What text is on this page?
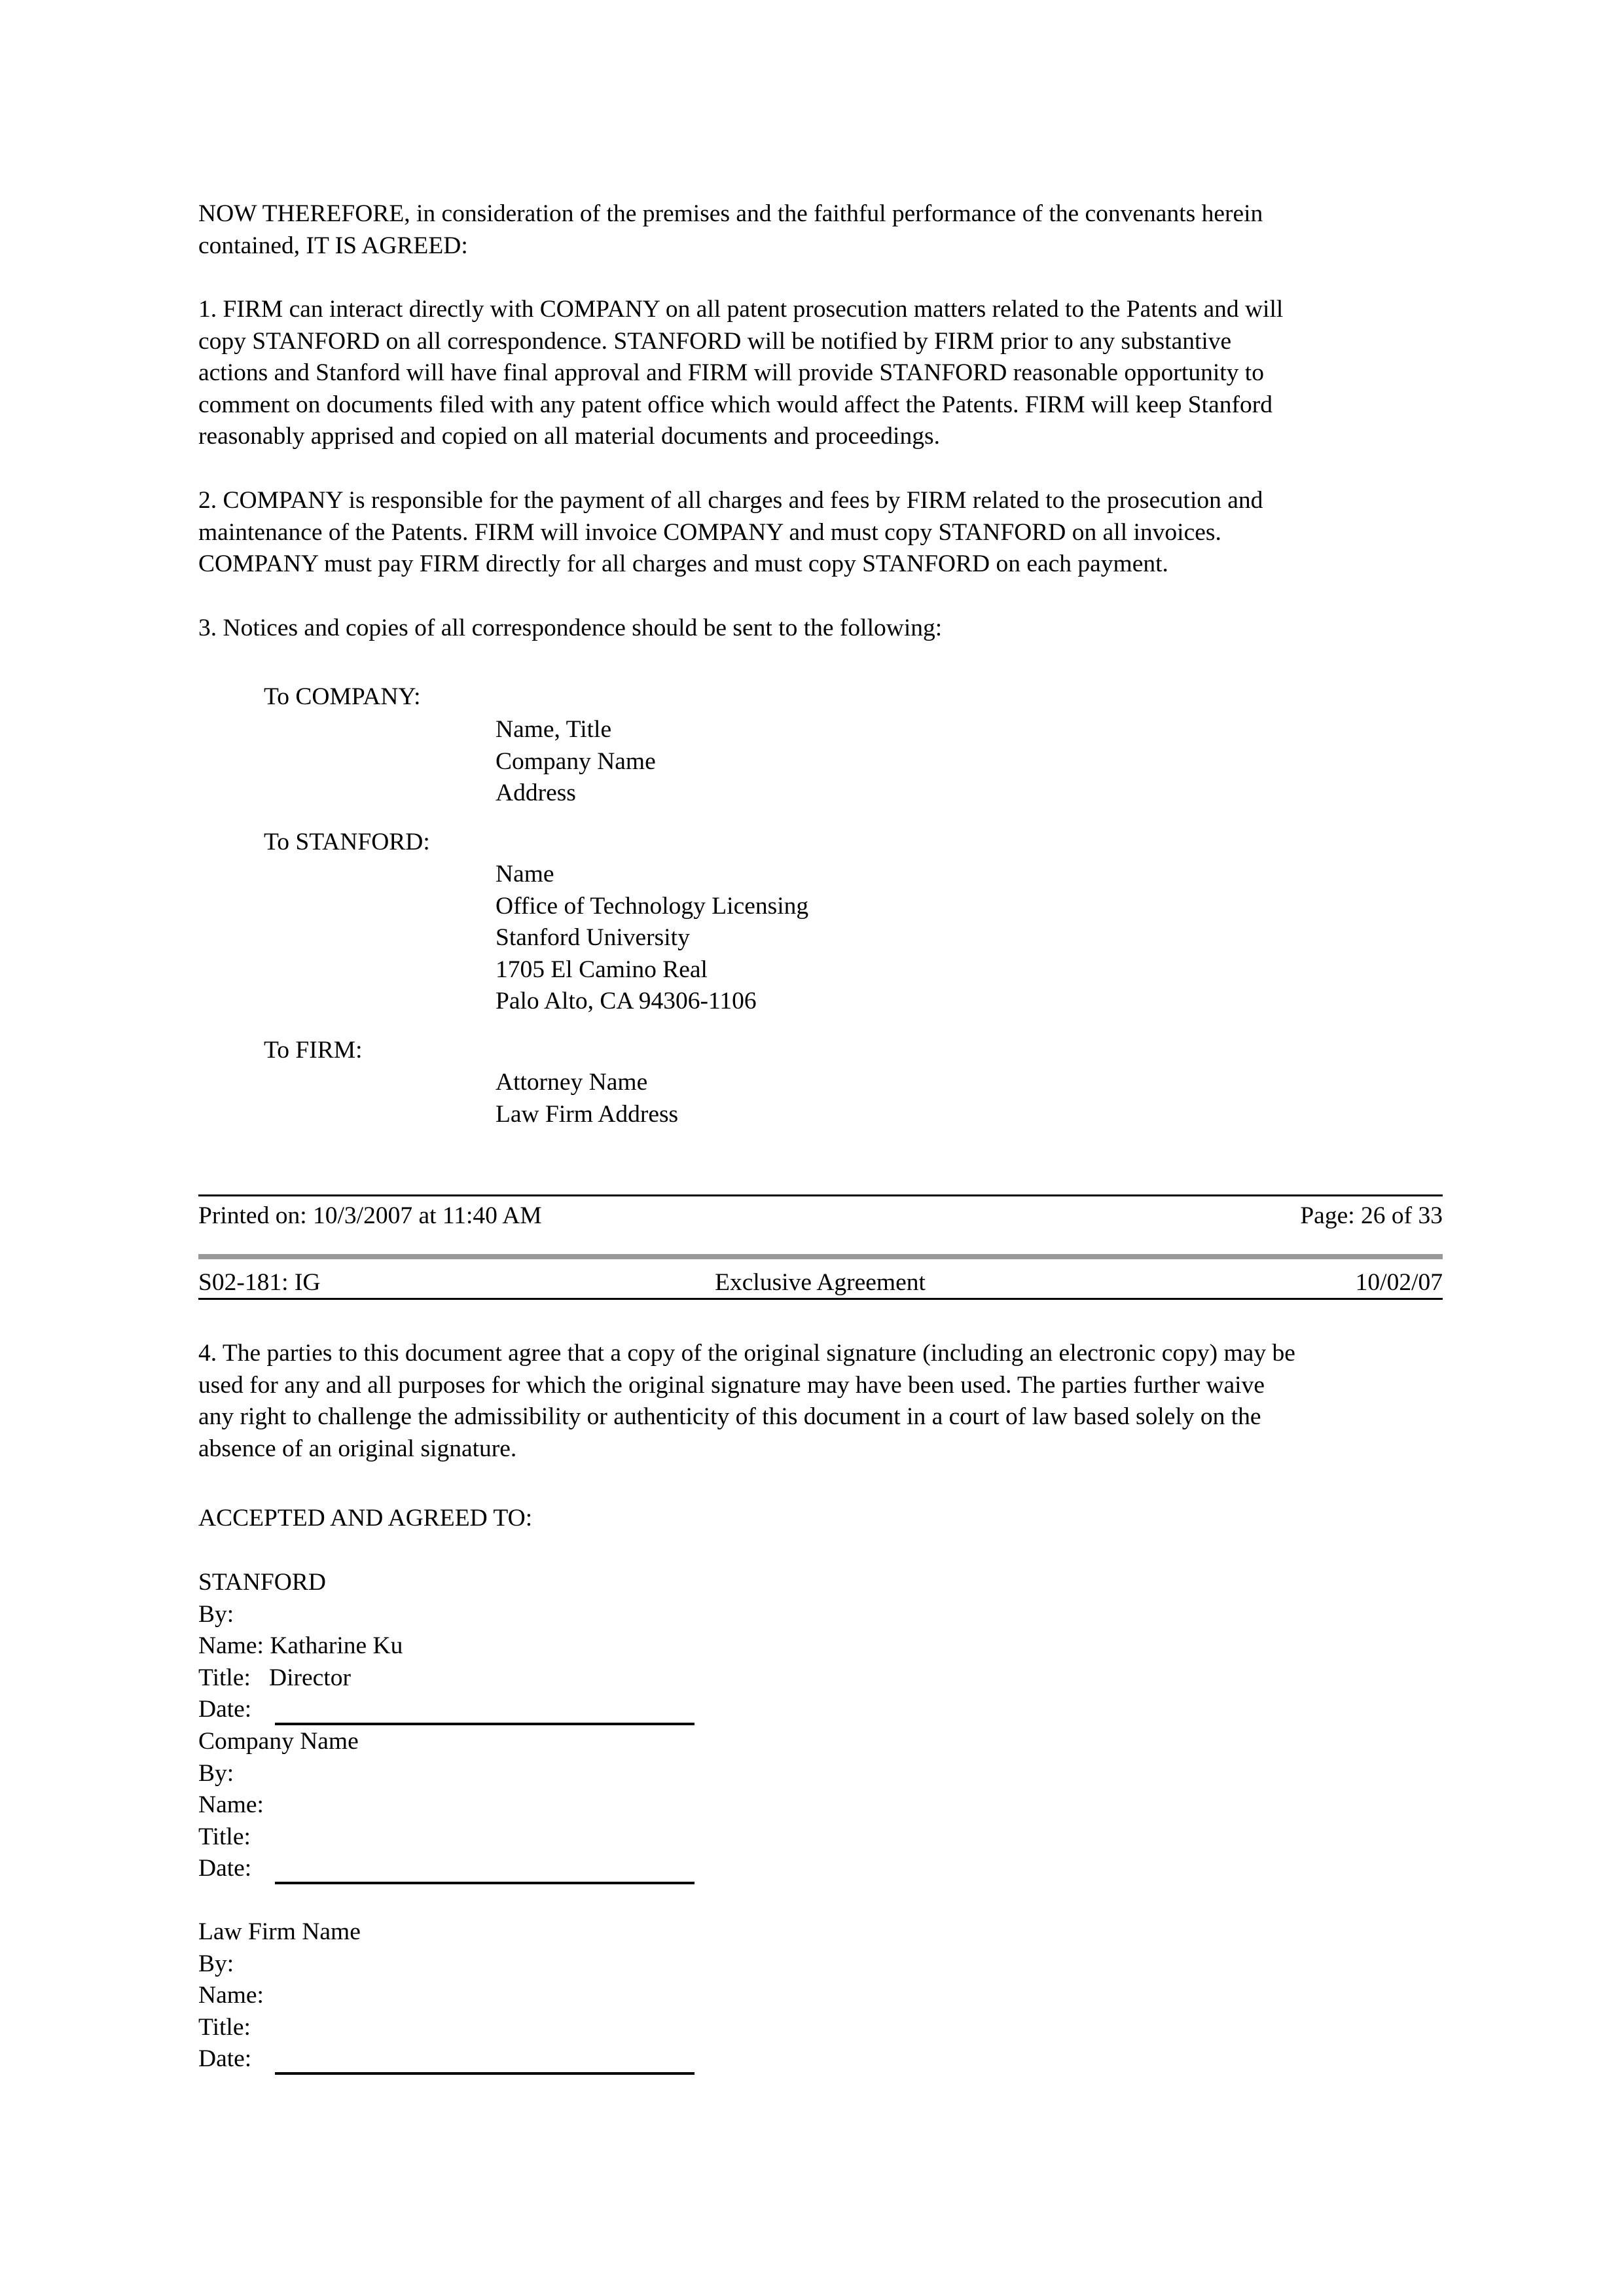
NOW THEREFORE, in consideration of the premises and the faithful performance of the convenants herein
contained, IT IS AGREED:
1. FIRM can interact directly with COMPANY on all patent prosecution matters related to the Patents and will
copy STANFORD on all correspondence. STANFORD will be notified by FIRM prior to any substantive
actions and Stanford will have final approval and FIRM will provide STANFORD reasonable opportunity to
comment on documents filed with any patent office which would affect the Patents. FIRM will keep Stanford
reasonably apprised and copied on all material documents and proceedings.
2. COMPANY is responsible for the payment of all charges and fees by FIRM related to the prosecution and
maintenance of the Patents. FIRM will invoice COMPANY and must copy STANFORD on all invoices.
COMPANY must pay FIRM directly for all charges and must copy STANFORD on each payment.
3. Notices and copies of all correspondence should be sent to the following:
To COMPANY:
Name, Title
Company Name
Address
To STANFORD:
Name
Office of Technology Licensing
Stanford University
1705 El Camino Real
Palo Alto, CA 94306-1106
To FIRM:
Attorney Name
Law Firm Address
Printed on: 10/3/2007 at 11:40 AM	Page: 26 of 33
S02-181: IG	Exclusive Agreement	10/02/07
4. The parties to this document agree that a copy of the original signature (including an electronic copy) may be
used for any and all purposes for which the original signature may have been used. The parties further waive
any right to challenge the admissibility or authenticity of this document in a court of law based solely on the
absence of an original signature.
ACCEPTED AND AGREED TO:
STANFORD
By:
Name: Katharine Ku
Title:   Director
Date:
Company Name
By:
Name:
Title:
Date:
Law Firm Name
By:
Name:
Title:
Date:
